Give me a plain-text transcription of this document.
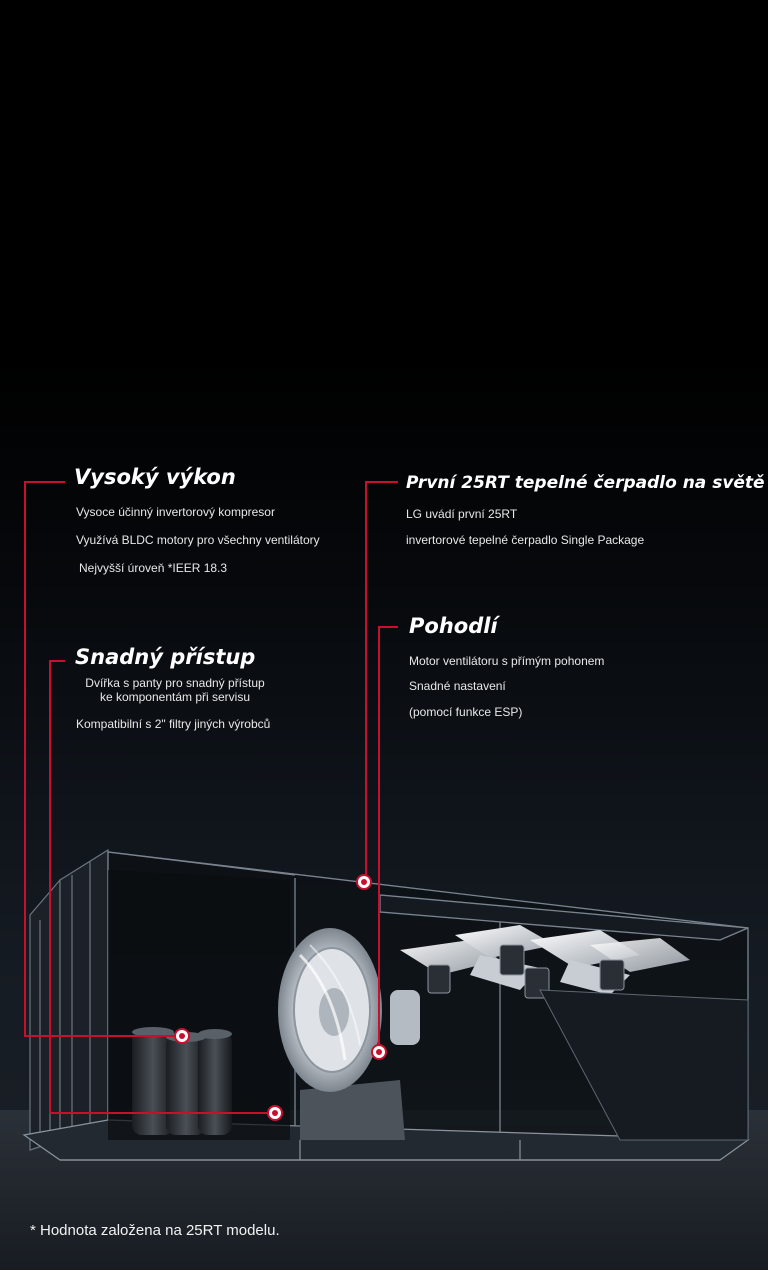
Vysoký výkon

Vysoce účinný invertorový kompresor

Využívá BLDC motory pro všechny ventilátory

Nejvyšší úroveň *IEER 18.3

První 25RT tepelné čerpadlo na světě

LG uvádí první 25RT

invertorové tepelné čerpadlo Single Package

Snadný přístup

Dvířka s panty pro snadný přístup

ke komponentám při servisu

Kompatibilní s 2" filtry jiných výrobců

Pohodlí

Motor ventilátoru s přímým pohonem

Snadné nastavení

(pomocí funkce ESP)

* Hodnota založena na 25RT modelu.
